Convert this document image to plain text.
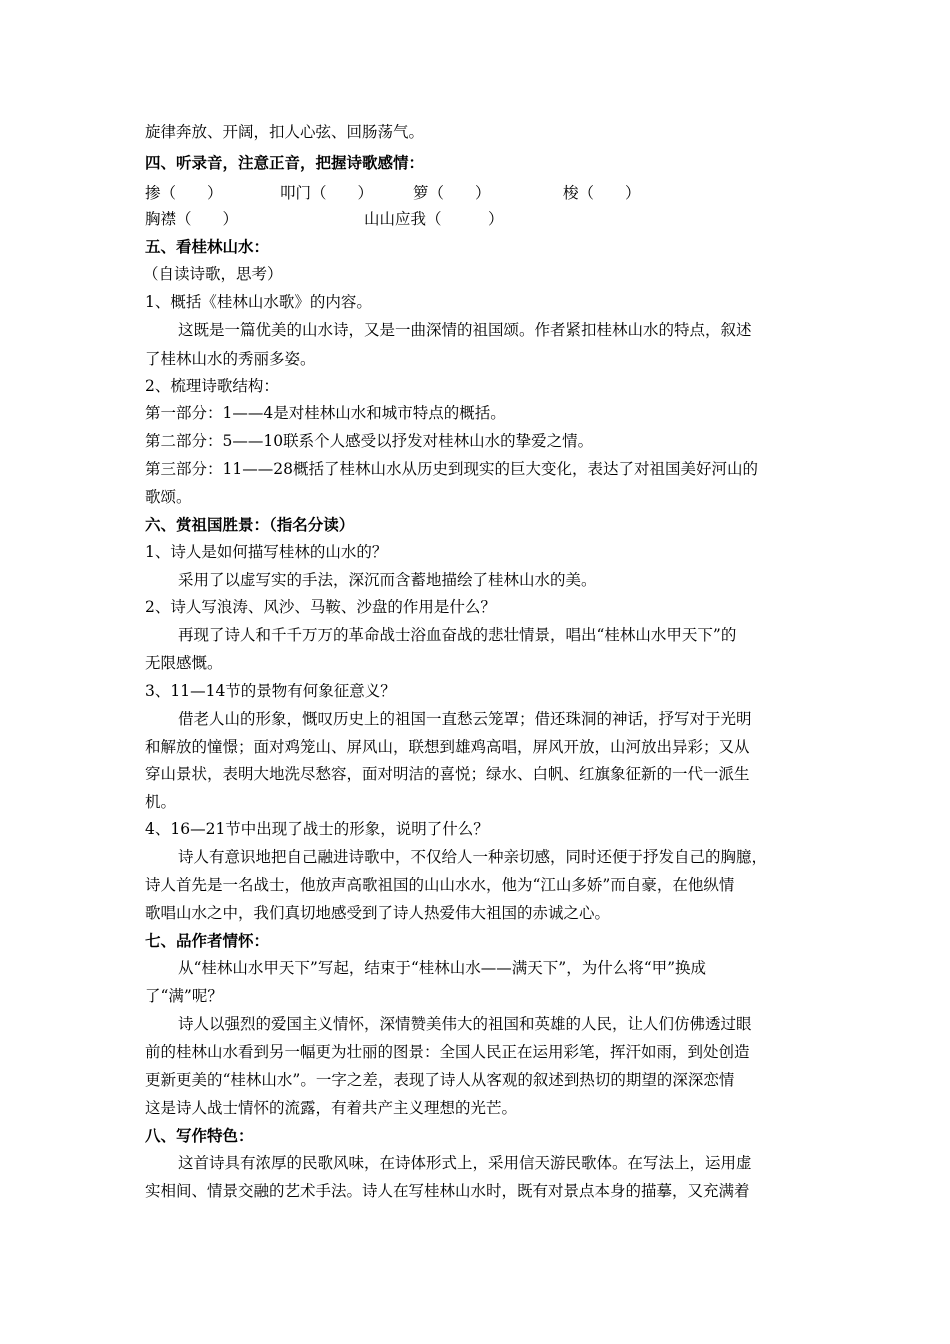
旋律奔放、开阔，扣人心弦、回肠荡气。
四、听录音，注意正音，把握诗歌感情：
掺（　　）	叩门（　　）	箩（　　）	梭（　　）
胸襟（　　）	山山应我（　　　）
五、看桂林山水：
（自读诗歌，思考）
1、概括《桂林山水歌》的内容。
这既是一篇优美的山水诗，又是一曲深情的祖国颂。作者紧扣桂林山水的特点，叙述
了桂林山水的秀丽多姿。
2、梳理诗歌结构：
第一部分：1——4是对桂林山水和城市特点的概括。
第二部分：5——10联系个人感受以抒发对桂林山水的挚爱之情。
第三部分：11——28概括了桂林山水从历史到现实的巨大变化，表达了对祖国美好河山的
歌颂。
六、赏祖国胜景：（指名分读）
1、诗人是如何描写桂林的山水的？
采用了以虚写实的手法，深沉而含蓄地描绘了桂林山水的美。
2、诗人写浪涛、风沙、马鞍、沙盘的作用是什么？
再现了诗人和千千万万的革命战士浴血奋战的悲壮情景，唱出“桂林山水甲天下”的
无限感慨。
3、11—14节的景物有何象征意义？
借老人山的形象，慨叹历史上的祖国一直愁云笼罩；借还珠洞的神话，抒写对于光明
和解放的憧憬；面对鸡笼山、屏风山，联想到雄鸡高唱，屏风开放，山河放出异彩；又从
穿山景状，表明大地洗尽愁容，面对明洁的喜悦；绿水、白帆、红旗象征新的一代一派生
机。
4、16—21节中出现了战士的形象，说明了什么？
诗人有意识地把自己融进诗歌中，不仅给人一种亲切感，同时还便于抒发自己的胸臆，
诗人首先是一名战士，他放声高歌祖国的山山水水，他为“江山多娇”而自豪，在他纵情
歌唱山水之中，我们真切地感受到了诗人热爱伟大祖国的赤诚之心。
七、品作者情怀：
从“桂林山水甲天下”写起，结束于“桂林山水——满天下”，为什么将“甲”换成
了“满”呢？
诗人以强烈的爱国主义情怀，深情赞美伟大的祖国和英雄的人民，让人们仿佛透过眼
前的桂林山水看到另一幅更为壮丽的图景：全国人民正在运用彩笔，挥汗如雨，到处创造
更新更美的“桂林山水”。一字之差，表现了诗人从客观的叙述到热切的期望的深深恋情
这是诗人战士情怀的流露，有着共产主义理想的光芒。
八、写作特色：
这首诗具有浓厚的民歌风味，在诗体形式上，采用信天游民歌体。在写法上，运用虚
实相间、情景交融的艺术手法。诗人在写桂林山水时，既有对景点本身的描摹，又充满着
